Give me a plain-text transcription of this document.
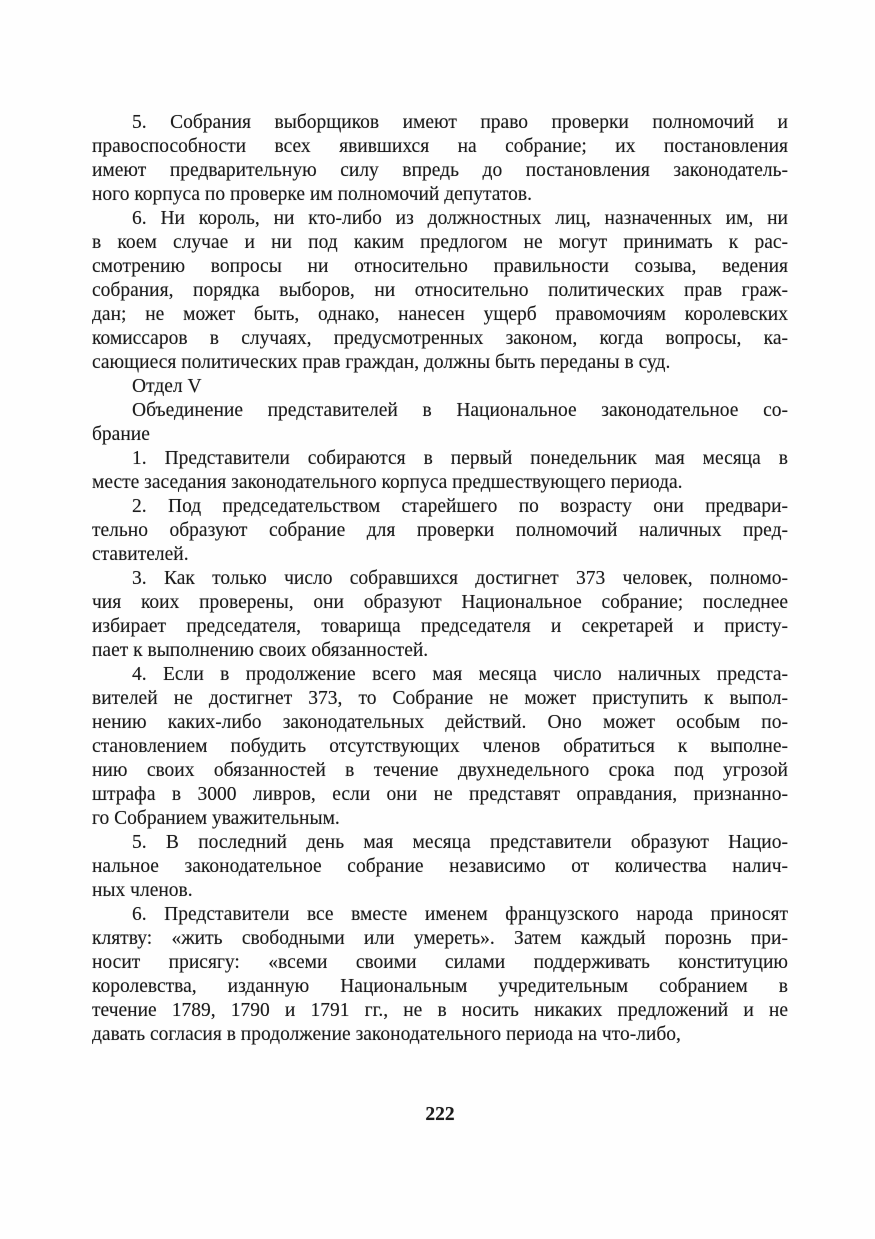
5. Собрания выборщиков имеют право проверки полномочий и
правоспособности всех явившихся на собрание; их постановления
имеют предварительную силу впредь до постановления законодатель-
ного корпуса по проверке им полномочий депутатов.
6. Ни король, ни кто-либо из должностных лиц, назначенных им, ни
в коем случае и ни под каким предлогом не могут принимать к рас-
смотрению вопросы ни относительно правильности созыва, ведения
собрания, порядка выборов, ни относительно политических прав граж-
дан; не может быть, однако, нанесен ущерб правомочиям королевских
комиссаров в случаях, предусмотренных законом, когда вопросы, ка-
сающиеся политических прав граждан, должны быть переданы в суд.
Отдел V
Объединение представителей в Национальное законодательное со-
брание
1. Представители собираются в первый понедельник мая месяца в
месте заседания законодательного корпуса предшествующего периода.
2. Под председательством старейшего по возрасту они предвари-
тельно образуют собрание для проверки полномочий наличных пред-
ставителей.
3. Как только число собравшихся достигнет 373 человек, полномо-
чия коих проверены, они образуют Национальное собрание; последнее
избирает председателя, товарища председателя и секретарей и присту-
пает к выполнению своих обязанностей.
4. Если в продолжение всего мая месяца число наличных предста-
вителей не достигнет 373, то Собрание не может приступить к выпол-
нению каких-либо законодательных действий. Оно может особым по-
становлением побудить отсутствующих членов обратиться к выполне-
нию своих обязанностей в течение двухнедельного срока под угрозой
штрафа в 3000 ливров, если они не представят оправдания, признанно-
го Собранием уважительным.
5. В последний день мая месяца представители образуют Нацио-
нальное законодательное собрание независимо от количества налич-
ных членов.
6. Представители все вместе именем французского народа приносят
клятву: «жить свободными или умереть». Затем каждый порознь при-
носит присягу: «всеми своими силами поддерживать конституцию
королевства, изданную Национальным учредительным собранием в
течение 1789, 1790 и 1791 гг., не в носить никаких предложений и не
давать согласия в продолжение законодательного периода на что-либо,
222
